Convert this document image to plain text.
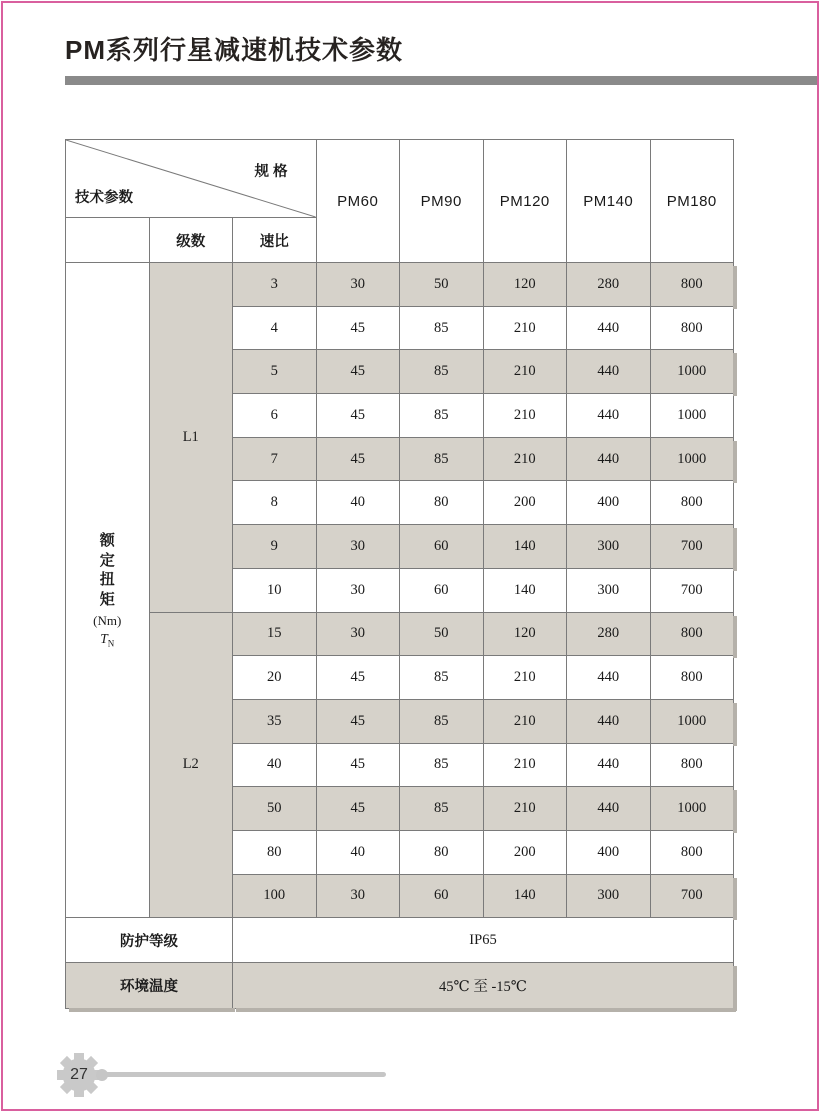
PM系列行星减速机技术参数
规 格
技术参数			PM60	PM90	PM120	PM140	PM180
	级数	速比					

额定扭矩
(Nm)
$T_N$	L1	3	30	50	120	280	800
		4	45	85	210	440	800
		5	45	85	210	440	1000
		6	45	85	210	440	1000
		7	45	85	210	440	1000
		8	40	80	200	400	800
		9	30	60	140	300	700
		10	30	60	140	300	700
	L2	15	30	50	120	280	800
		20	45	85	210	440	800
		35	45	85	210	440	1000
		40	45	85	210	440	800
		50	45	85	210	440	1000
		80	40	80	200	400	800
		100	30	60	140	300	700
防护等级		IP65					
环境温度		45℃ 至 -15℃					
27
